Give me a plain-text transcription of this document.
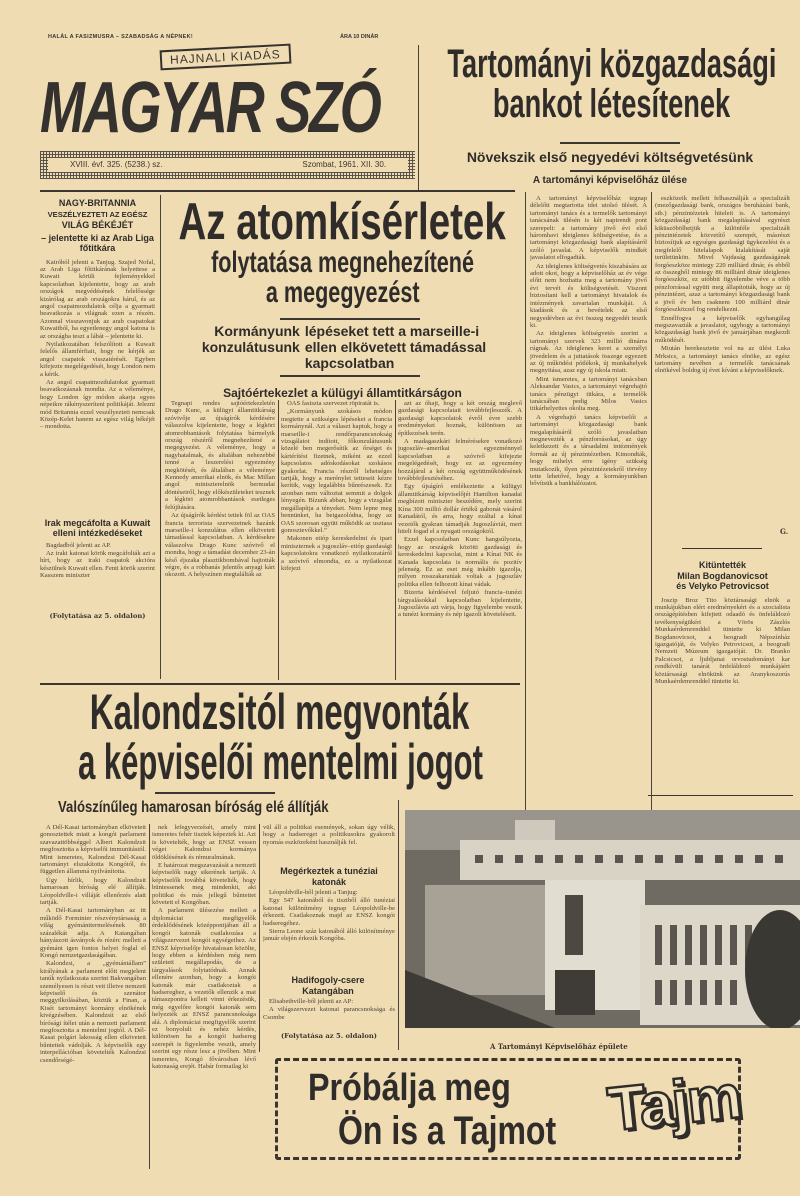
HALÁL A FASIZMUSRA – SZABADSÁG A NÉPNEK!	ÁRA 10 DINÁR
HAJNALI KIADÁS
MAGYAR SZÓ
XVIII. évf. 325. (5238.) sz.	Szombat, 1961. XII. 30.
Tartományi közgazdasági
bankot létesítenek
Növekszik első negyedévi költségvetésünk
A tartományi képviselőház ülése
NAGY-BRITANNIA
VESZÉLYEZTETI AZ EGÉSZ
VILÁG BÉKÉJÉT
– jelentette ki az Arab Liga főtitkára

Kairóból jelenti a Tanjug. Szajed Nofal, az Arab Liga főtitkárának helyettese a Kuwait körüli fejleményekkel kapcsolatban kijelentette, hogy az arab országok megvédésének felelőssége kizárólag az arab országokra hárul, és az angol csapatmozdulatok célja a gyarmati beavatkozás a világnak ezen a részén. Azonnal visszavonjuk az arab csapatokat Kuwaitból, ha egyetlenegy angol katona is az országba teszi a lábát – jelentette ki.

Nyilatkozatában felszólított a Kuwait felelős államférfiait, hogy ne kérjék az angol csapatok visszatérését. Egyben kifejezte megelégedését, hogy London nem a kérik.

Az angol csapatmozdulatokat gyarmati beavatkozásnak mondta. Az a véleménye, hogy London így módon akarja egyes népeikre rákényszeríteni politikáját. Jelezni mód Britannia ezzel veszélyezteti nemcsak Közép-Kelet hanem az egész világ békéjét – mondotta.

Irak megcáfolta a Kuwait elleni intézkedéseket

Bagdadból jelenti az AP.

Az iraki katonai körök megcáfolták azt a hírt, hogy az iraki csapatok akcióra készülnek Kuwait ellen. Fenti körök szerint Kasszem miniszter

(Folytatása az 5. oldalon)
Az atomkísérletek
folytatása megnehezítené
a megegyezést
Kormányunk
konzulátusunk
lépéseket tett a marseille-i
ellen elkövetett támadással
kapcsolatban
Sajtóértekezlet a külügyi államtitkárságon

Tegnapi rendes sajtóértekezletén Drago Kunc, a külügyi államtitkárság szóvivője az újságírók kérdésére válaszolva kijelentette, hogy a légköri atomrobbantások folytatása bármelyik ország részéről megnehezítené a megegyezést. A véleménye, hogy a nagyhatalmak, és altalában nehezebbé tenné a leszerelési egyezmény megkötését, és általában a véleménye Kennedy amerikai elnök, és Mac Millan angol miniszterelnök bermudai döntéseiről, hogy előkészületeket tesznek a légköri atomrobbantások esetleges felújítására.

Az újságírók kérdést tettek föl az OAS francia terrorista szervezetnek hazánk marseille-i konzulátus ellen elkövetett támadással kapcsolatban. A kérdésekre válaszolva Drago Kunc szóvivő el mondta, hogy a támadást december 23-án késő éjszaka plasztikbombával hajtották végre, és a robbanás jelentős anyagi kárt okozott. A helyszínen megtalálták az

OAS fasiszta szervezet röpiratát is.

„Kormányunk szokásos módon megtette a szükséges lépéseket a francia kormánynál. Azt a választ kaptuk, hogy a marseille-i rendőrparancsnokság vizsgálatot indított, főkonzulátusunk közelé ben megerősítik az őrséget és kártérítést fizetnek, miként az ezzel kapcsolatos adóskodásokat szokásos gyakorlat. Francia részről lehetséges tartják, hogy a merénylet tetteseit kézre kerítik, vagy legalábbis bűnrészesek. Ez azonban nem változtat semmit a dolgok lényegén. Bízunk abban, hogy a vizsgálat megállapítja a tényeket. Nem lepne meg bennünket, ha beigazolódna, hogy az OAS szorosan együtt működik az usztasa gonosztevőkkel.”

Makonen etióp kereskedelmi és ipari miniszternek a jugoszláv–etióp gazdasági kapcsolatokra vonatkozó nyilatkozatáról a szóvivő elmondta, ez a nyilatkozat kifejezi

azt az óhajt, hogy a két ország meglevő gazdasági kapcsolatait továbbfejlesszék. A gazdasági kapcsolatok évről évre szebb eredményeket hoznak, különösen az építkezések terén.

A madagaszkári felmérésekre vonatkozó jugoszláv–amerikai egyezménnyel kapcsolatban a szóvivő kifejezte megelégedését, hogy ez az egyezmény hozzájárul a két ország együttműködésének továbbfejlesztéséhez.

Egy újságíró emlékeztette a külügyi államtitkárság képviselőjét Hamilton kanadai megbízott miniszter beszédére, mely szerint Kína 300 millió dollár értékű gabonát vásárol Kanadától, és arra, hogy ezáltal a kínai vezetők gyakran támadják Jugoszláviát, mert hitelt fogad el a nyugati országoktól.

Ezzel kapcsolatban Kunc hangsúlyozta, hogy az országok közötti gazdasági és kereskedelmi kapcsolat, mint a Kínai NK és Kanada kapcsolata is normális és pozitív jelenség. Ez az eset még inkább igazolja, milyen rosszakaratúak voltak a jugoszláv politika ellen felhozott kínai vádak.

Bizerta kérdésével feljutó francia–tunézi tárgyalásokkal kapcsolatban kijelentette, Jugoszlávia azt várja, hogy figyelembe veszik a tunézi kormány és nép igazolt követeléseit.

A tartományi képviselőház tegnap délelőtt megtartotta idei utolsó ülését. A tartományi tanács és a termelők tartományi tanácsának ülésén is két napirendi pont szerepelt: a tartomány jövő évi első háromhavi ideiglenes költségvetése, és a tartományi közgazdasági bank alapításáról szóló javaslat. A képviselők mindkét javaslatot elfogadták.

Az ideiglenes költségvetés kiszabására az adott okot, hogy a képviselőház az év vége előtt nem hozhatta meg a tartomány jövő évi tervét és költségvetését. Viszont biztosítani kell a tartományi hivatalok és intézmények zavartalan munkáját. A kiadások és a bevételek az első negyedévben az évi összeg negyedét teszik ki.

Az ideiglenes költségvetés szerint a tartományi szervek 323 millió dinárra rúgnak. Az ideiglenes keret a személyi jövedelem és a juttatások összege egyezett az új működési pótlékok, új munkahelyek megnyitása, azaz egy új iskola miatt.

Mint ismeretes, a tartományi tanácsban Aleksandar Vasics, a tartományi végrehajtó tanács pénzügyi titkára, a termelők tanácsában pedig Milos Vasics titkárhelyettes okolta meg.

A végrehajtó tanács képviselői a tartományi közgazdasági bank megalapításáról szóló javaslatban megnevezték a pénzforrásokat, az úgy keletkezett és a társadalmi intézmények formái az új pénzintézetben. Kimondták, hogy mihelyt erre igény szükség mutatkozik, ilyen pénzintézetekről törvény tette lehetővé, hogy a kormányunkban bővítsük a bankhálózatot.

eszközeik mellett felhasználják a specializált (mezőgazdasági bank, országos beruházási bank, stb.) pénzintézetek hiteleit is. A tartományi közgazdasági bank megalapításával egyrészt kiküszöbölhetjük a különféle specializált pénzintézetek közvetítő szerepét, másrészt biztosítjuk az egységes gazdasági ügykezelést és a megfelelő hitelalapok kialakítását saját területünkön. Mivel Vajdaság gazdaságának forgóeszköze mintegy 220 milliárd dinár, és ebből az összegből mintegy 86 milliárd dinár ideiglenes forgóeszköz, ez utóbbit figyelembe véve a több pénzforrással együtt meg állapították, hogy az új pénzintézet, azaz a tartományi közgazdasági bank a jövő év ben csaknem 100 milliárd dinár forgóeszközzel fog rendelkezni.

Ennélfogva a képviselők egyhangúlag megszavazták a javaslatot, ugyhogy a tartományi közgazdasági bank jövő év januárjában megkezdi működését.

Miután berekesztette vol na az ülést Luka Mrksics, a tartományi tanács elnöke, az egész tartomány nevében a termelők tanácsának elnökével boldog új évet kívánt a képviselőknek.

G.
Kitüntették
Milan Bogdanovicsot
és Velyko Petrovicsot

Joszip Broz Tito köztársasági elnök a munkájukban elért eredményekért és a szocialista országépítésben kifejtett odaadó és önfeláldozó tevékenységükért a Vörös Zászlós Munkaérdemrenddel tüntette ki Milan Bogdanovicsot, a beogradi Népszínház igazgatóját, és Velyko Petrovicsot, a beogradi Nemzeti Múzeum igazgatóját. Dr. Branko Palcsicsot, a ljubljanai orvostudományi kar rendkívüli tanárát önfeláldozó munkájáért köztársasági elnökünk az Aranykoszorús Munkaérdemrenddel tüntette ki.

Kalondzsitól megvonták
a képviselői mentelmi jogot
Valószínűleg hamarosan bíróság elé állítják

A Dél-Kasai tartományban elkövetett gonosztettek miatt a kongói parlament szavazattöbbséggel Albert Kalondzsit megfosztotta a képviselői immunitástól. Mint ismeretes, Kalondzsi Dél-Kasai tartományt elszakította Kongótól, és független állammá nyilvánította.

Úgy hírlik, hogy Kalondzsit hamarosan bíróság elé állítják. Léopoldville-i villáját ellenőrzés alatt tartják.

A Dél-Kasai tartományban az itt működő Forminier részvénytársaság a világ gyémánttermelésének 80 százalékát adja. A Katangában bányászott ásványok és rézérc mellett a gyémánt igen fontos helyet foglal el Kongó nemzetgazdaságában.

Kalondzsi, a „gyémántállam” királyának a parlament előtt megjelent tanúk nyilatkozata szerint Bakvangában személyesen is részt vett illetve nemzeti képviselő és szenátor meggyilkolásában, köztük a Finan, a Kisét tartományi kormány elnökének kivégzésében. Kalondzsit az első bírósági ítélet után a nemzeti parlament megfosztotta a mentelmi jogtól. A Dél-Kasai polgári lakosság ellen elkövetett bűntettek vádolják. A képviselők egy interpellációban követelték Kalondzsi csendőrségé-

nek lefegyverzését, amely mint ismeretes fehér tisztek képeztek ki. Azt is követelték, hogy az ENSZ vessen véget Kalondzsi kormánya öldöklésének és rémuralmának.

E határozat megszavazását a nemzeti képviselők nagy sikerének tartják. A képviselők továbbá követelték, hogy büntessenek meg mindenkit, aki politikai és más jellegű bűntettet követett el Kongóban.

A parlament ülésezése mellett a diplomáciai megfigyelők érdeklődésének középpontjában áll a kongói katonák csatlakozása a világszervezet kongói egységeihez. Az ENSZ képviselője hivatalosan közölte, hogy ebben a kérdésben még nem született megállapodás, de a tárgyalások folytatódnak. Annak ellenére azonban, hogy a kongói katonák már csatlakoztak a hadsereghez, a vezetők ellenzik a mai támaszpontra kellett vinni érkezésük, még egyelőre kongói katonák sem helyezték az ENSZ parancsnoksága alá. A diplomáciai megfigyelők szerint ez bonyolult és nehéz kérdés, különösen ha a kongói hadsereg szerepét is figyelembe veszik, amely szerint egy része lesz a jövőben. Mint ismeretes, Kongó fővárosban lévő katonaság erejét. Habár formailag ki

vül áll a politikai események, sokan úgy vélik, hogy a hadsereget a politikusokra gyakorolt nyomás eszközeként használják fel.

Megérkeztek a tunéziai katonák

Léopoldville-ből jelenti a Tanjug:

Egy 547 katonából és tisztből álló tunéziai katonai különítmény tegnap Léopoldville-be érkezett. Csatlakoznak majd az ENSZ kongói hadseregéhez.

Sierra Leone száz katonából álló különítménye január elején érkezik Kongóba.

Hadifogoly-csere Katangában

Elisabethville-ből jelenti az AP:

A világszervezet katonai parancsnoksága és Csombe

(Folytatása az 5. oldalon)
A Tartományi Képviselőház épülete
Próbálja meg
Ön is a Tajmot Tajm
